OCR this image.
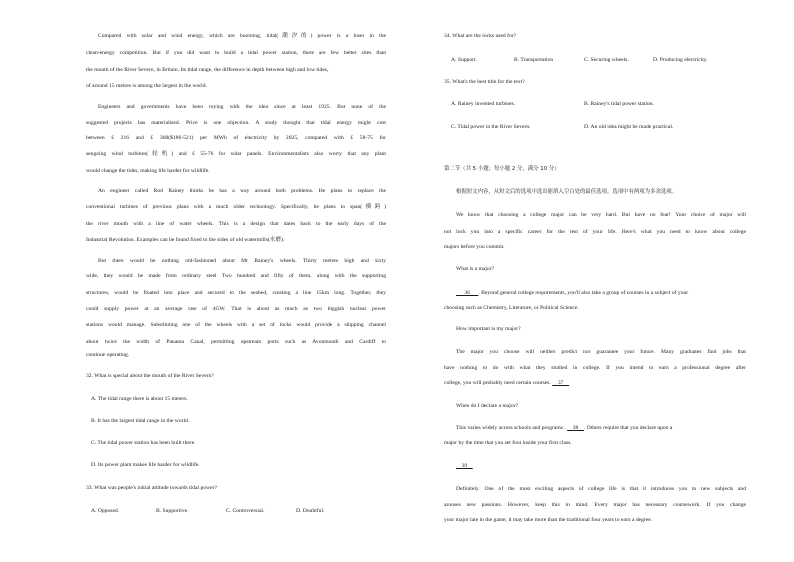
Compared with solar and wind energy, which are booming, tidal(潮汐的) power is a loser in the
clean-energy competition. But if you did want to build a tidal power station, there are few better sites than
the mouth of the River Severn, in Britain. Its tidal range, the difference in depth between high and low tides,
of around 15 metres is among the largest in the world.
Engineers and governments have been toying with the idea since at least 1925. But none of the
suggested projects has materialised. Price is one objection. A study thought that tidal energy might cost
between £ 216 and £ 368($186-521) per MWh of electricity by 2025, compared with £ 58-75 for
sengoing wind turbines(轮机) and £ 55-76 for solar panels. Environmentalists also worry that any plant
would change the tides, making life harder for wildlife.
An engineer called Rod Rainey thinks he has a way around both problems. He plans to replace the
conventional turbines of previous plans with a much older technology. Specifically, he plans to span(横跨)
the river mouth with a line of water wheels. This is a design that dates back to the early days of the
Industrial Revolution. Examples can be found fixed to the sides of old watermills(水磨).
But there would be nothing old-fashioned about Mr Rainey's wheels. Thirty metres high and sixty
wide, they would be made from ordinary steel Two hundred and fifty of them, along with the supporting
structures, would be floated into place and secured to the seabed, creating a line 15km long. Together, they
could supply power at an average rate of 4GW. That is about as much as two biggish nuclear power
stations would manage. Substituting one of the wheels with a set of locks would provide a shipping channel
about twice the width of Panama Canal, permitting upstream ports such as Avonmouth and Cardiff to
continue operating.
32. What is special about the mouth of the River Severn?
A. The tidal range there is about 15 meters.
B. It has the largest tidal range in the world.
C. The tidal power station has been built there.
D. Its power plant makes life harder for wildlife.
33. What was people's initial attitude towards tidal power?
A. Opposed.	B. Supportive.	C. Controversial.	D. Doubtful.
34. What are the locks used for?
A. Support.	B. Transportation	C. Securing wheels.	D. Producing electricity.
35. What's the best title for the text?
A. Rainey invented turbines.	B. Rainey's tidal power station.
C. Tidal power in the River Severn.	D. An old idea might be made practical.
第二节（共 5 小题；每小题 2 分，满分 10 分）
根据短文内容，从短文后的选项中选出能填入空白处的最佳选项。选项中有两项为多余选项。
We know that choosing a college major can be very hard. But have no fear! Your choice of major will
not lock you into a specific career for the rest of your life. Here's what you need to know about college
majors before you commit.
What is a major?
36      . Beyond general college requirements, you'll also take a group of courses in a subject of your
choosing such as Chemistry, Literature, or Political Science.
How important is my major?
The major you choose will neither predict nor guarantee your future. Many graduates find jobs that
have nothing to do with what they studied in college. If you intend to earn a professional degree after
college, you will probably need certain courses.     37
When do I declare a major?
This varies widely across schools and programs .     38    . Others require that you declare upon a
major by the time that you set foot inside your first class.
39
Definitely. One of the most exciting aspects of college life is that it introduces you to new subjects and
arouses new passions. However, keep this in mind. Every major has necessary coursework. If you change
your major late in the game, it may take more than the traditional four years to earn a degree.
